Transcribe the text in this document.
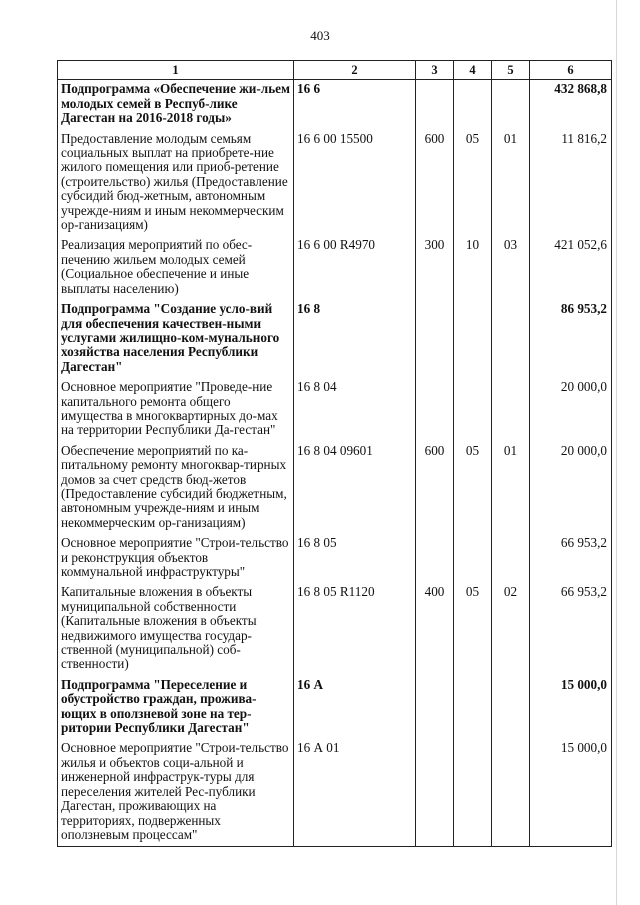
403
1	2	3	4	5	6
Подпрограмма «Обеспечение жи-льем молодых семей в Респуб-лике Дагестан на 2016-2018 годы»	16 6				432 868,8
Предоставление молодым семьям социальных выплат на приобрете-ние жилого помещения или приоб-ретение (строительство) жилья (Предоставление субсидий бюд-жетным, автономным учрежде-ниям и иным некоммерческим ор-ганизациям)	16 6 00 15500	600	05	01	11 816,2
Реализация мероприятий по обес-печению жильем молодых семей (Социальное обеспечение и иные выплаты населению)	16 6 00 R4970	300	10	03	421 052,6
Подпрограмма "Создание усло-вий для обеспечения качествен-ными услугами жилищно-ком-мунального хозяйства населения Республики Дагестан"	16 8				86 953,2
Основное мероприятие "Проведе-ние капитального ремонта общего имущества в многоквартирных до-мах на территории Республики Да-гестан"	16 8 04				20 000,0
Обеспечение мероприятий по ка-питальному ремонту многоквар-тирных домов за счет средств бюд-жетов (Предоставление субсидий бюджетным, автономным учрежде-ниям и иным некоммерческим ор-ганизациям)	16 8 04 09601	600	05	01	20 000,0
Основное мероприятие "Строи-тельство и реконструкция объектов коммунальной инфраструктуры"	16 8 05				66 953,2
Капитальные вложения в объекты муниципальной собственности (Капитальные вложения в объекты недвижимого имущества государ-ственной (муниципальной) соб-ственности)	16 8 05 R1120	400	05	02	66 953,2
Подпрограмма "Переселение и обустройство граждан, прожива-ющих в оползневой зоне на тер-ритории Республики Дагестан"	16 А				15 000,0
Основное мероприятие "Строи-тельство жилья и объектов соци-альной и инженерной инфраструк-туры для переселения жителей Рес-публики Дагестан, проживающих на территориях, подверженных оползневым процессам"	16 А 01				15 000,0
